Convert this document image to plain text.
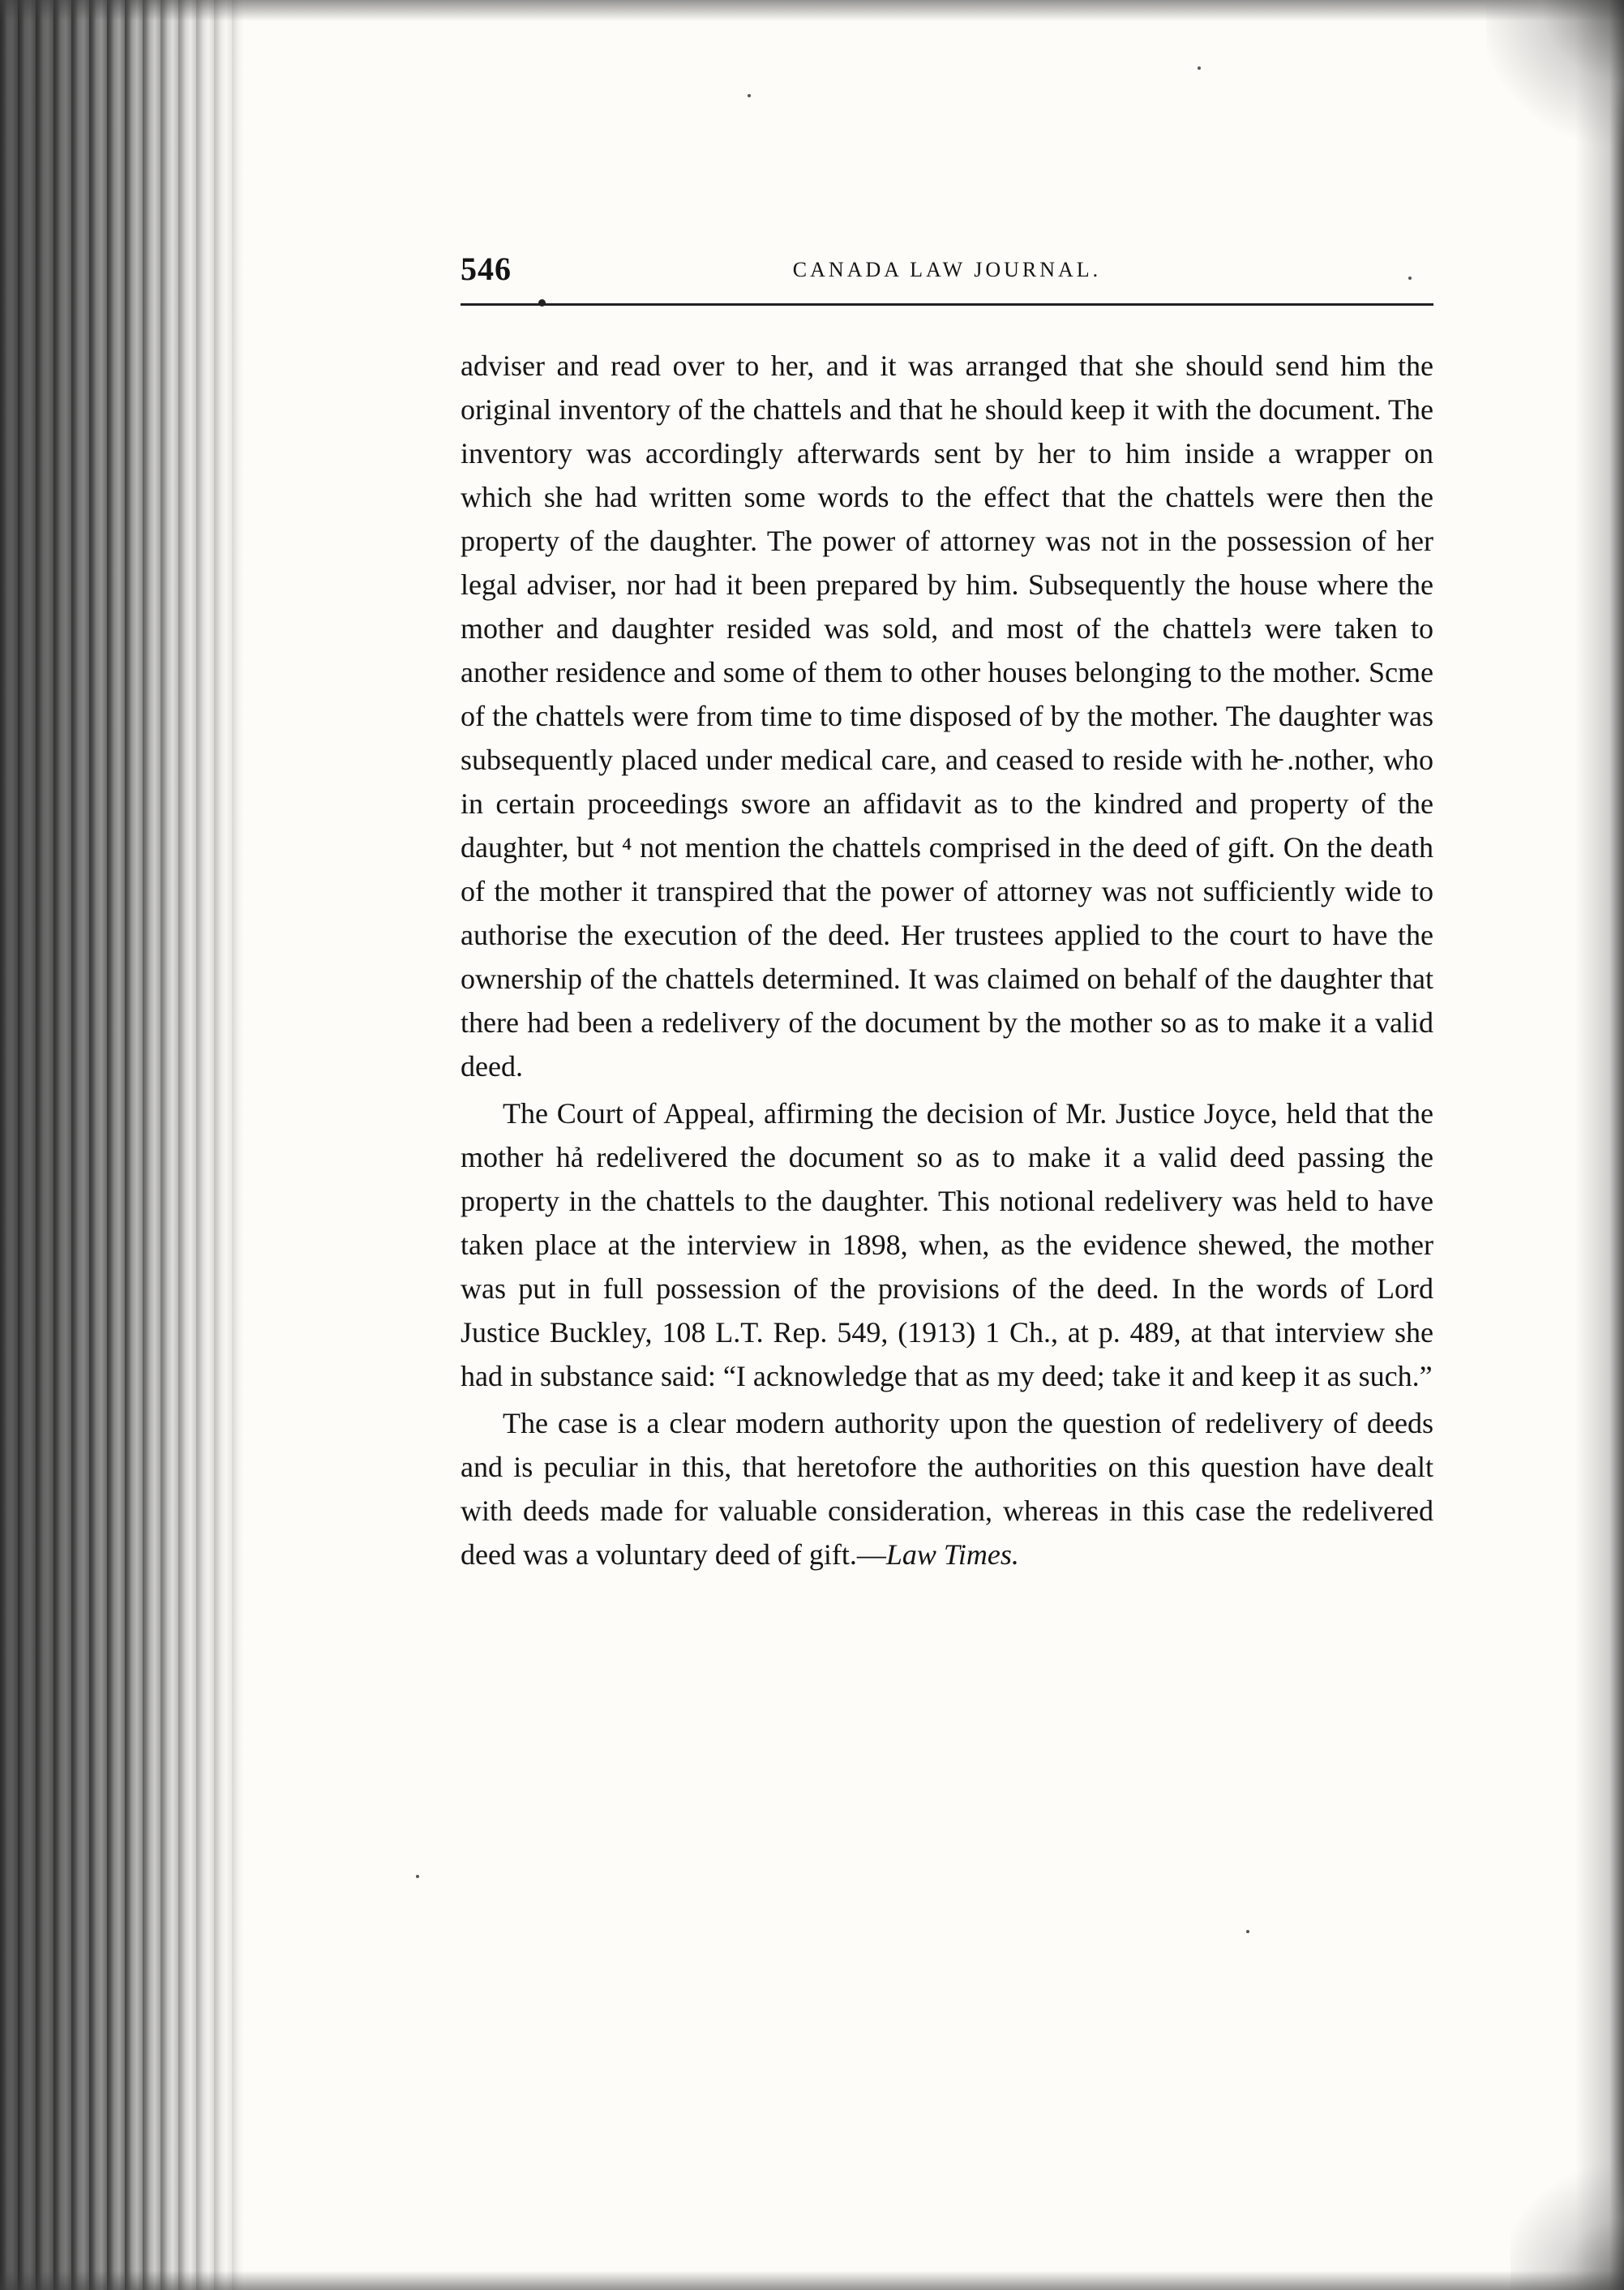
546	CANADA LAW JOURNAL.

adviser and read over to her, and it was arranged that she should send him the original inventory of the chattels and that he should keep it with the document. The inventory was accordingly afterwards sent by her to him inside a wrapper on which she had written some words to the effect that the chattels were then the property of the daughter. The power of attorney was not in the possession of her legal adviser, nor had it been prepared by him. Subsequently the house where the mother and daughter resided was sold, and most of the chattelз were taken to another residence and some of them to other houses belonging to the mother. Scme of the chattels were from time to time disposed of by the mother. The daughter was subsequently placed under medical care, and ceased to reside with he̵ .nother, who in certain proceedings swore an affidavit as to the kindred and property of the daughter, but ⁴ not mention the chattels comprised in the deed of gift. On the death of the mother it transpired that the power of attorney was not sufficiently wide to authorise the execution of the deed. Her trustees applied to the court to have the ownership of the chattels determined. It was claimed on behalf of the daughter that there had been a redelivery of the document by the mother so as to make it a valid deed.

The Court of Appeal, affirming the decision of Mr. Justice Joyce, held that the mother hả redelivered the document so as to make it a valid deed passing the property in the chattels to the daughter. This notional redelivery was held to have taken place at the interview in 1898, when, as the evidence shewed, the mother was put in full possession of the provisions of the deed. In the words of Lord Justice Buckley, 108 L.T. Rep. 549, (1913) 1 Ch., at p. 489, at that interview she had in substance said: “I acknowledge that as my deed; take it and keep it as such.”

The case is a clear modern authority upon the question of redelivery of deeds and is peculiar in this, that heretofore the authorities on this question have dealt with deeds made for valuable consideration, whereas in this case the redelivered deed was a voluntary deed of gift.—Law Times.
